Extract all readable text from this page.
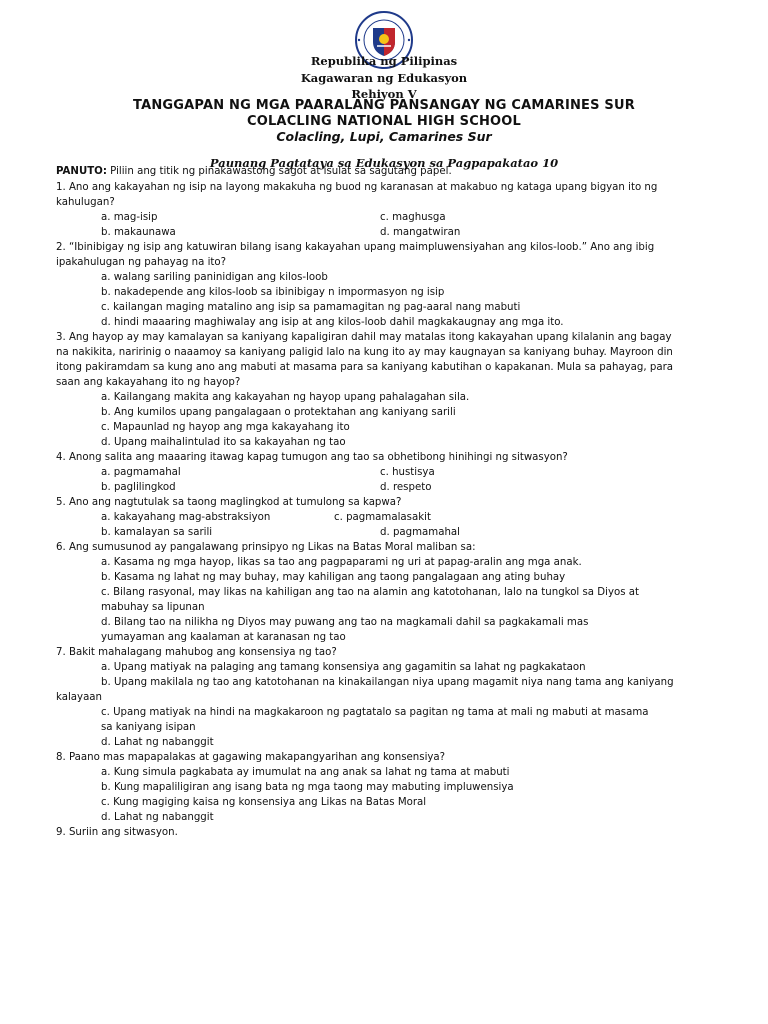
Republika ng Pilipinas
Kagawaran ng Edukasyon
Rehiyon V
TANGGAPAN NG MGA PAARALANG PANSANGAY NG CAMARINES SUR
COLACLING NATIONAL HIGH SCHOOL
Colacling, Lupi, Camarines Sur
Paunang Pagtataya sa Edukasyon sa Pagpapakatao 10
PANUTO: Piliin ang titik ng pinakawastong sagot at isulat sa sagutang papel.
1. Ano ang kakayahan ng isip na layong makakuha ng buod ng karanasan at makabuo ng kataga upang bigyan ito ng
kahulugan?
a. mag-isip	c. maghusga
b. makaunawa	d. mangatwiran
2. “Ibinibigay ng isip ang katuwiran bilang isang kakayahan upang maimpluwensiyahan ang kilos-loob.” Ano ang ibig
ipakahulugan ng pahayag na ito?
a. walang sariling paninidigan ang kilos-loob
b. nakadepende ang kilos-loob sa ibinibigay n impormasyon ng isip
c. kailangan maging matalino ang isip sa pamamagitan ng pag-aaral nang mabuti
d. hindi maaaring maghiwalay ang isip at ang kilos-loob dahil magkakaugnay ang mga ito.
3. Ang hayop ay may kamalayan sa kaniyang kapaligiran dahil may matalas itong kakayahan upang kilalanin ang bagay
na nakikita, naririnig o naaamoy sa kaniyang paligid lalo na kung ito ay may kaugnayan sa kaniyang buhay. Mayroon din
itong pakiramdam sa kung ano ang mabuti at masama para sa kaniyang kabutihan o kapakanan. Mula sa pahayag, para
saan ang kakayahang ito ng hayop?
a. Kailangang makita ang kakayahan ng hayop upang pahalagahan sila.
b. Ang kumilos upang pangalagaan o protektahan ang kaniyang sarili
c. Mapaunlad ng hayop ang mga kakayahang ito
d. Upang maihalintulad ito sa kakayahan ng tao
4. Anong salita ang maaaring itawag kapag tumugon ang tao sa obhetibong hinihingi ng sitwasyon?
a. pagmamahal	c. hustisya
b. paglilingkod	d. respeto
5. Ano ang nagtutulak sa taong maglingkod at tumulong sa kapwa?
a. kakayahang mag-abstraksiyon	c. pagmamalasakit
b. kamalayan sa sarili	d. pagmamahal
6. Ang sumusunod ay pangalawang prinsipyo ng Likas na Batas Moral maliban sa:
a. Kasama ng mga hayop, likas sa tao ang pagpaparami ng uri at papag-aralin ang mga anak.
b. Kasama ng lahat ng may buhay, may kahiligan ang taong pangalagaan ang ating buhay
c. Bilang rasyonal, may likas na kahiligan ang tao na alamin ang katotohanan, lalo na tungkol sa Diyos at
mabuhay sa lipunan
d. Bilang tao na nilikha ng Diyos may puwang ang tao na magkamali dahil sa pagkakamali mas
yumayaman ang kaalaman at karanasan ng tao
7. Bakit mahalagang mahubog ang konsensiya ng tao?
a. Upang matiyak na palaging ang tamang konsensiya ang gagamitin sa lahat ng pagkakataon
b. Upang makilala ng tao ang katotohanan na kinakailangan niya upang magamit niya nang tama ang kaniyang
kalayaan
c. Upang matiyak na hindi na magkakaroon ng pagtatalo sa pagitan ng tama at mali ng mabuti at masama
sa kaniyang isipan
d. Lahat ng nabanggit
8. Paano mas mapapalakas at gagawing makapangyarihan ang konsensiya?
a. Kung simula pagkabata ay imumulat na ang anak sa lahat ng tama at mabuti
b. Kung mapaliligiran ang isang bata ng mga taong may mabuting impluwensiya
c. Kung magiging kaisa ng konsensiya ang Likas na Batas Moral
d. Lahat ng nabanggit
9. Suriin ang sitwasyon.
